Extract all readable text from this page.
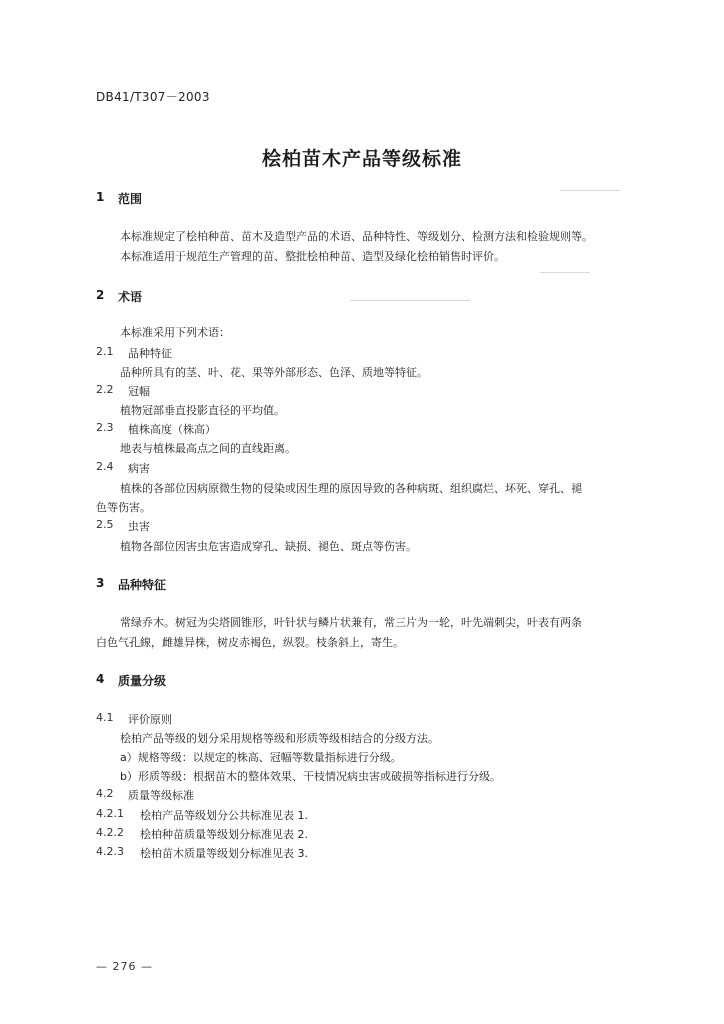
DB41/T307－2003
桧柏苗木产品等级标准
1 范围
本标准规定了桧柏种苗、苗木及造型产品的术语、品种特性、等级划分、检测方法和检验规则等。
本标准适用于规范生产管理的苗、整批桧柏种苗、造型及绿化桧柏销售时评价。
2 术语
本标准采用下列术语：
2.1 品种特征
品种所具有的茎、叶、花、果等外部形态、色泽、质地等特征。
2.2 冠幅
植物冠部垂直投影直径的平均值。
2.3 植株高度（株高）
地表与植株最高点之间的直线距离。
2.4 病害
植株的各部位因病原微生物的侵染或因生理的原因导致的各种病斑、组织腐烂、坏死、穿孔、褪
色等伤害。
2.5 虫害
植物各部位因害虫危害造成穿孔、缺损、褪色、斑点等伤害。
3 品种特征
常绿乔木。树冠为尖塔圆锥形，叶针状与鳞片状兼有，常三片为一轮，叶先端刺尖，叶表有两条
白色气孔線，雌雄异株，树皮赤褐色，纵裂。枝条斜上，寄生。
4 质量分级
4.1 评价原则
桧柏产品等级的划分采用规格等级和形质等级相结合的分级方法。
a）规格等级：以规定的株高、冠幅等数量指标进行分级。
b）形质等级：根据苗木的整体效果、干枝情况病虫害或破损等指标进行分级。
4.2 质量等级标准
4.2.1 桧柏产品等级划分公共标准见表 1.
4.2.2 桧柏种苗质量等级划分标准见表 2.
4.2.3 桧柏苗木质量等级划分标准见表 3.
— 276 —
